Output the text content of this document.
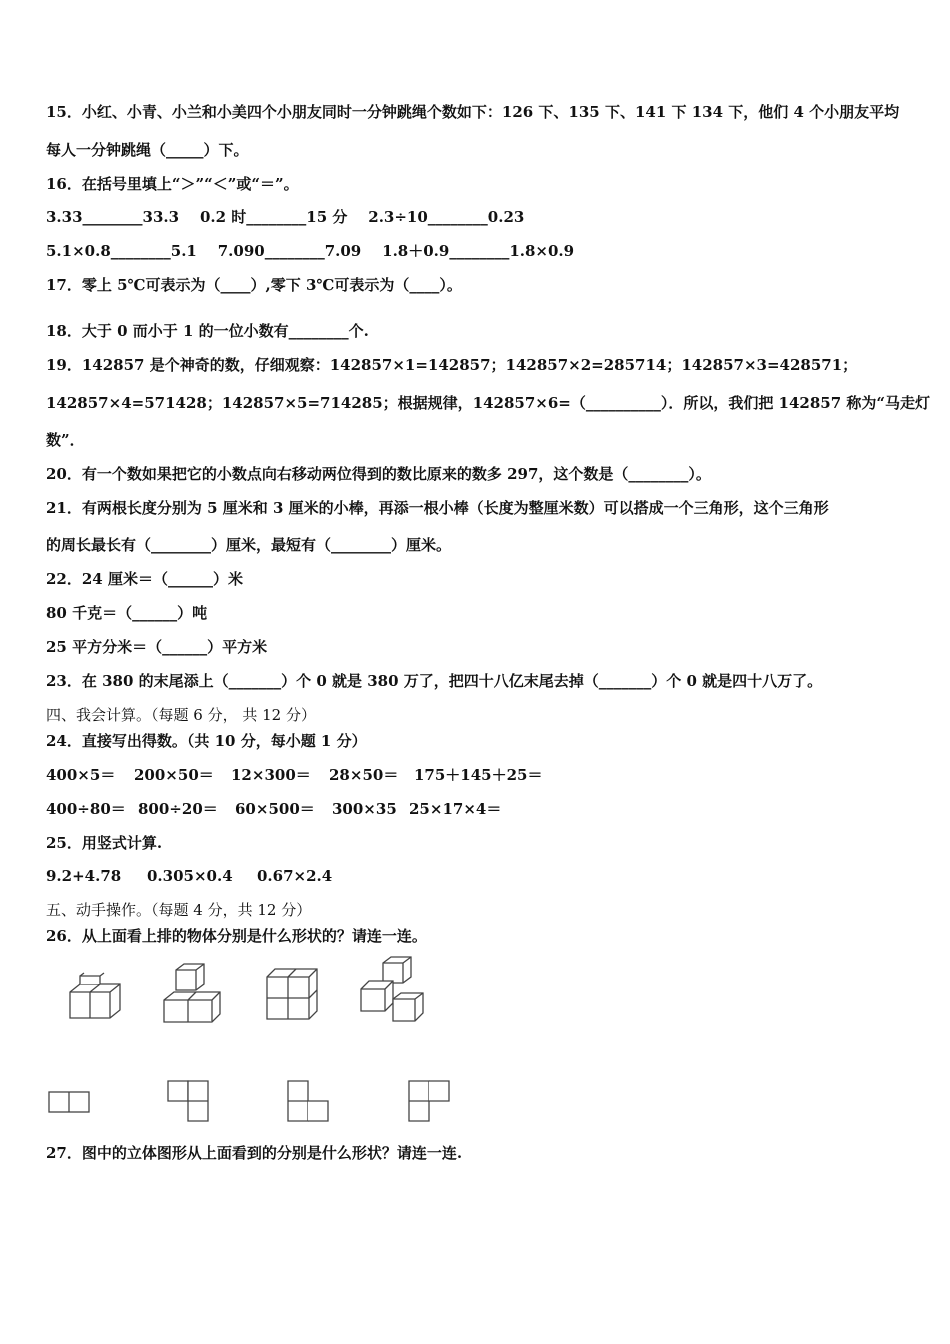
15．小红、小青、小兰和小美四个小朋友同时一分钟跳绳个数如下：126 下、135 下、141 下 134 下，他们 4 个小朋友平均
每人一分钟跳绳（_____）下。
16．在括号里填上“＞”“＜”或“＝”。
3.33________33.3    0.2 时________15 分    2.3÷10________0.23
5.1×0.8________5.1    7.090________7.09    1.8＋0.9________1.8×0.9
17．零上 5℃可表示为（____）,零下 3℃可表示为（____）。
18．大于 0 而小于 1 的一位小数有________个.
19．142857 是个神奇的数，仔细观察：142857×1=142857；142857×2=285714；142857×3=428571；
142857×4=571428；142857×5=714285；根据规律，142857×6=（__________）．所以，我们把 142857 称为“马走灯
数”．
20．有一个数如果把它的小数点向右移动两位得到的数比原来的数多 297，这个数是（________）。
21．有两根长度分别为 5 厘米和 3 厘米的小棒，再添一根小棒（长度为整厘米数）可以搭成一个三角形，这个三角形
的周长最长有（________）厘米，最短有（________）厘米。
22．24 厘米＝（______）米
80 千克＝（______）吨
25 平方分米＝（______）平方米
23．在 380 的末尾添上（_______）个 0 就是 380 万了，把四十八亿末尾去掉（_______）个 0 就是四十八万了。
四、我会计算。（每题 6 分， 共 12 分）
24．直接写出得数。（共 10 分，每小题 1 分）
400×5＝ 200×50＝ 12×300＝ 28×50＝ 175＋145＋25＝
400÷80＝ 800÷20＝ 60×500＝ 300×35 25×17×4＝
25．用竖式计算.
9.2+4.78 0.305×0.4 0.67×2.4
五、动手操作。（每题 4 分，共 12 分）
26．从上面看上排的物体分别是什么形状的？请连一连。
27．图中的立体图形从上面看到的分别是什么形状？请连一连.
